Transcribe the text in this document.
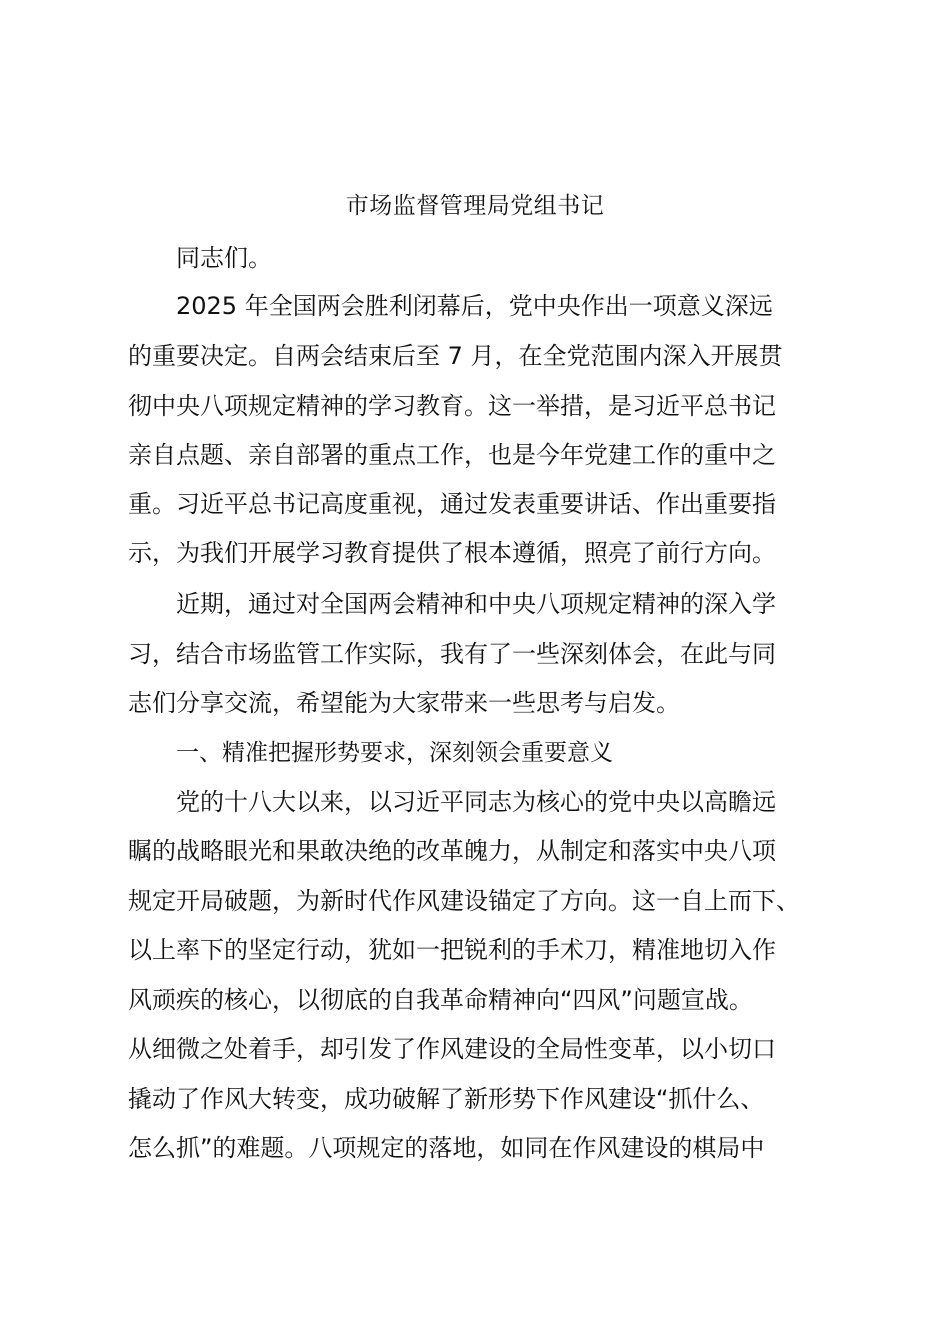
市场监督管理局党组书记

同志们。

2025 年全国两会胜利闭幕后，党中央作出一项意义深远

的重要决定。自两会结束后至 7 月，在全党范围内深入开展贯

彻中央八项规定精神的学习教育。这一举措，是习近平总书记

亲自点题、亲自部署的重点工作，也是今年党建工作的重中之

重。习近平总书记高度重视，通过发表重要讲话、作出重要指

示，为我们开展学习教育提供了根本遵循，照亮了前行方向。

近期，通过对全国两会精神和中央八项规定精神的深入学

习，结合市场监管工作实际，我有了一些深刻体会，在此与同

志们分享交流，希望能为大家带来一些思考与启发。

一、精准把握形势要求，深刻领会重要意义

党的十八大以来，以习近平同志为核心的党中央以高瞻远

瞩的战略眼光和果敢决绝的改革魄力，从制定和落实中央八项

规定开局破题，为新时代作风建设锚定了方向。这一自上而下、

以上率下的坚定行动，犹如一把锐利的手术刀，精准地切入作

风顽疾的核心，以彻底的自我革命精神向“四风”问题宣战。

从细微之处着手，却引发了作风建设的全局性变革，以小切口

撬动了作风大转变，成功破解了新形势下作风建设“抓什么、

怎么抓”的难题。八项规定的落地，如同在作风建设的棋局中
